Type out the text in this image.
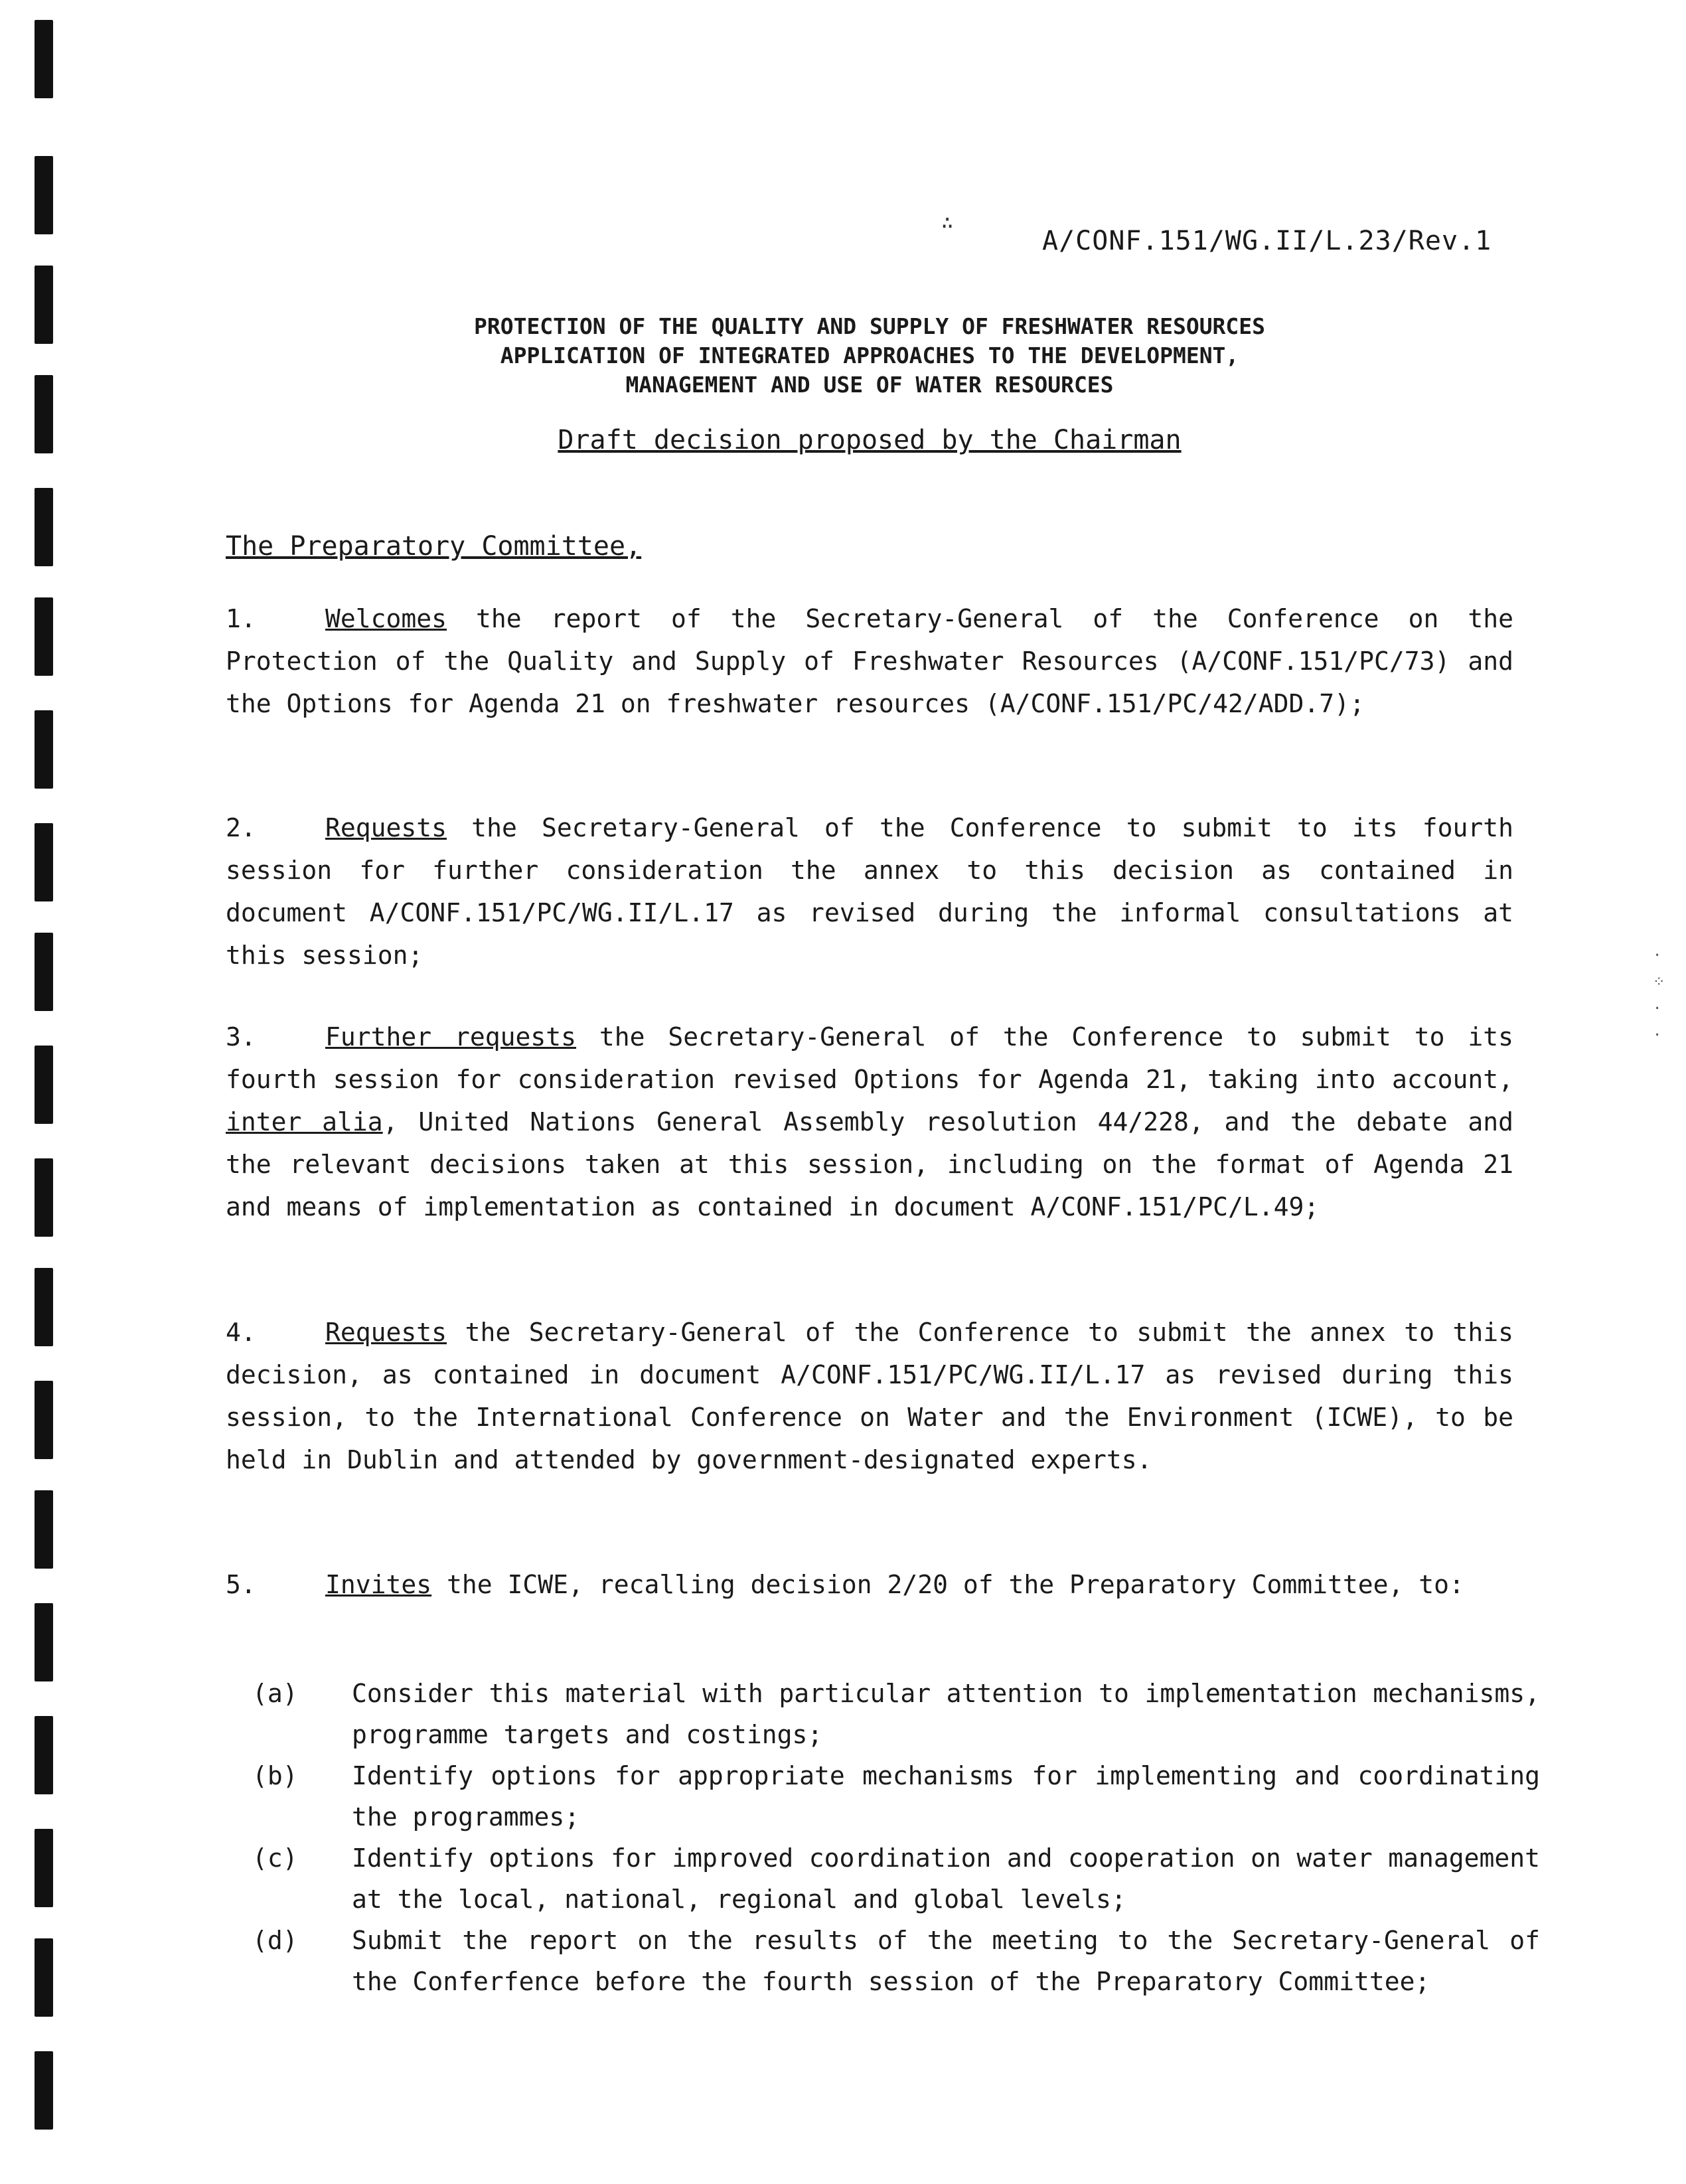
∴
A/CONF.151/WG.II/L.23/Rev.1
PROTECTION OF THE QUALITY AND SUPPLY OF FRESHWATER RESOURCES
APPLICATION OF INTEGRATED APPROACHES TO THE DEVELOPMENT,
MANAGEMENT AND USE OF WATER RESOURCES
Draft decision proposed by the Chairman
The Preparatory Committee,
1.	Welcomes the report of the Secretary-General of the Conference on the Protection of the Quality and Supply of Freshwater Resources (A/CONF.151/PC/73) and the Options for Agenda 21 on freshwater resources (A/CONF.151/PC/42/ADD.7);
2.	Requests the Secretary-General of the Conference to submit to its fourth session for further consideration the annex to this decision as contained in document A/CONF.151/PC/WG.II/L.17 as revised during the informal consultations at this session;
3.	Further requests the Secretary-General of the Conference to submit to its fourth session for consideration revised Options for Agenda 21, taking into account, inter alia, United Nations General Assembly resolution 44/228, and the debate and the relevant decisions taken at this session, including on the format of Agenda 21 and means of implementation as contained in document A/CONF.151/PC/L.49;
4.	Requests the Secretary-General of the Conference to submit the annex to this decision, as contained in document A/CONF.151/PC/WG.II/L.17 as revised during this session, to the International Conference on Water and the Environment (ICWE), to be held in Dublin and attended by government-designated experts.
5.	Invites the ICWE, recalling decision 2/20 of the Preparatory Committee, to:
(a)	Consider this material with particular attention to implementation mechanisms, programme targets and costings;
(b)	Identify options for appropriate mechanisms for implementing and coordinating the programmes;
(c)	Identify options for improved coordination and cooperation on water management at the local, national, regional and global levels;
(d)	Submit the report on the results of the meeting to the Secretary-General of the Conferfence before the fourth session of the Preparatory Committee;
·
⁘
·
·
